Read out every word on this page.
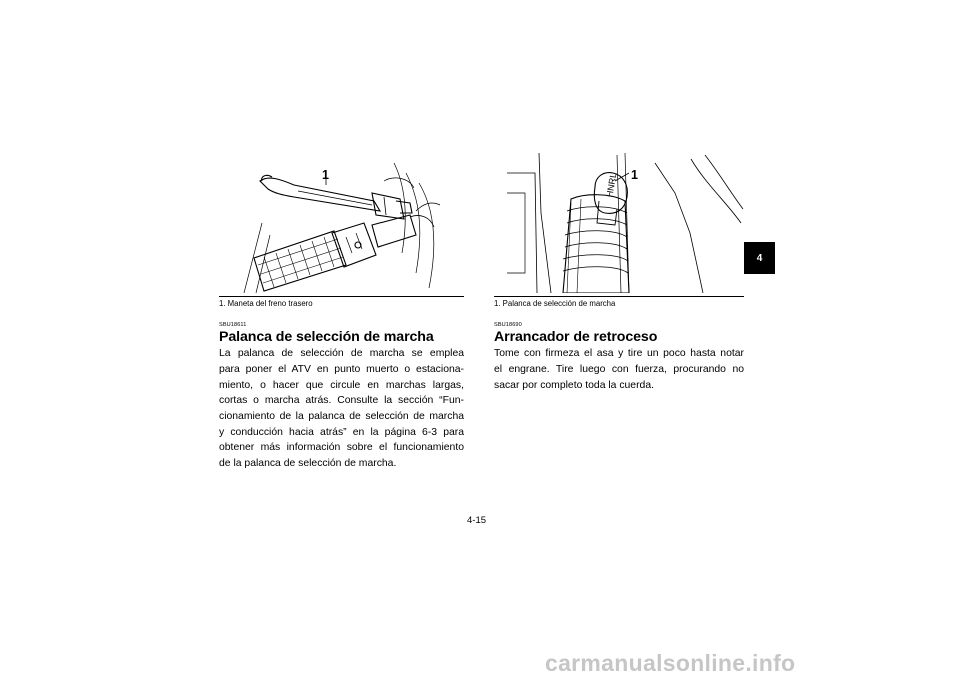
1	HNRL 1
1. Maneta del freno trasero	1. Palanca de selección de marcha
SBU18611
Palanca de selección de marcha
La palanca de selección de marcha se emplea
para poner el ATV en punto muerto o estaciona-
miento, o hacer que circule en marchas largas,
cortas o marcha atrás. Consulte la sección “Fun-
cionamiento de la palanca de selección de marcha
y conducción hacia atrás” en la página 6-3 para
obtener más información sobre el funcionamiento
de la palanca de selección de marcha.
SBU18690
Arrancador de retroceso
Tome con firmeza el asa y tire un poco hasta notar
el engrane. Tire luego con fuerza, procurando no
sacar por completo toda la cuerda.
4
4-15
carmanualsonline.info
